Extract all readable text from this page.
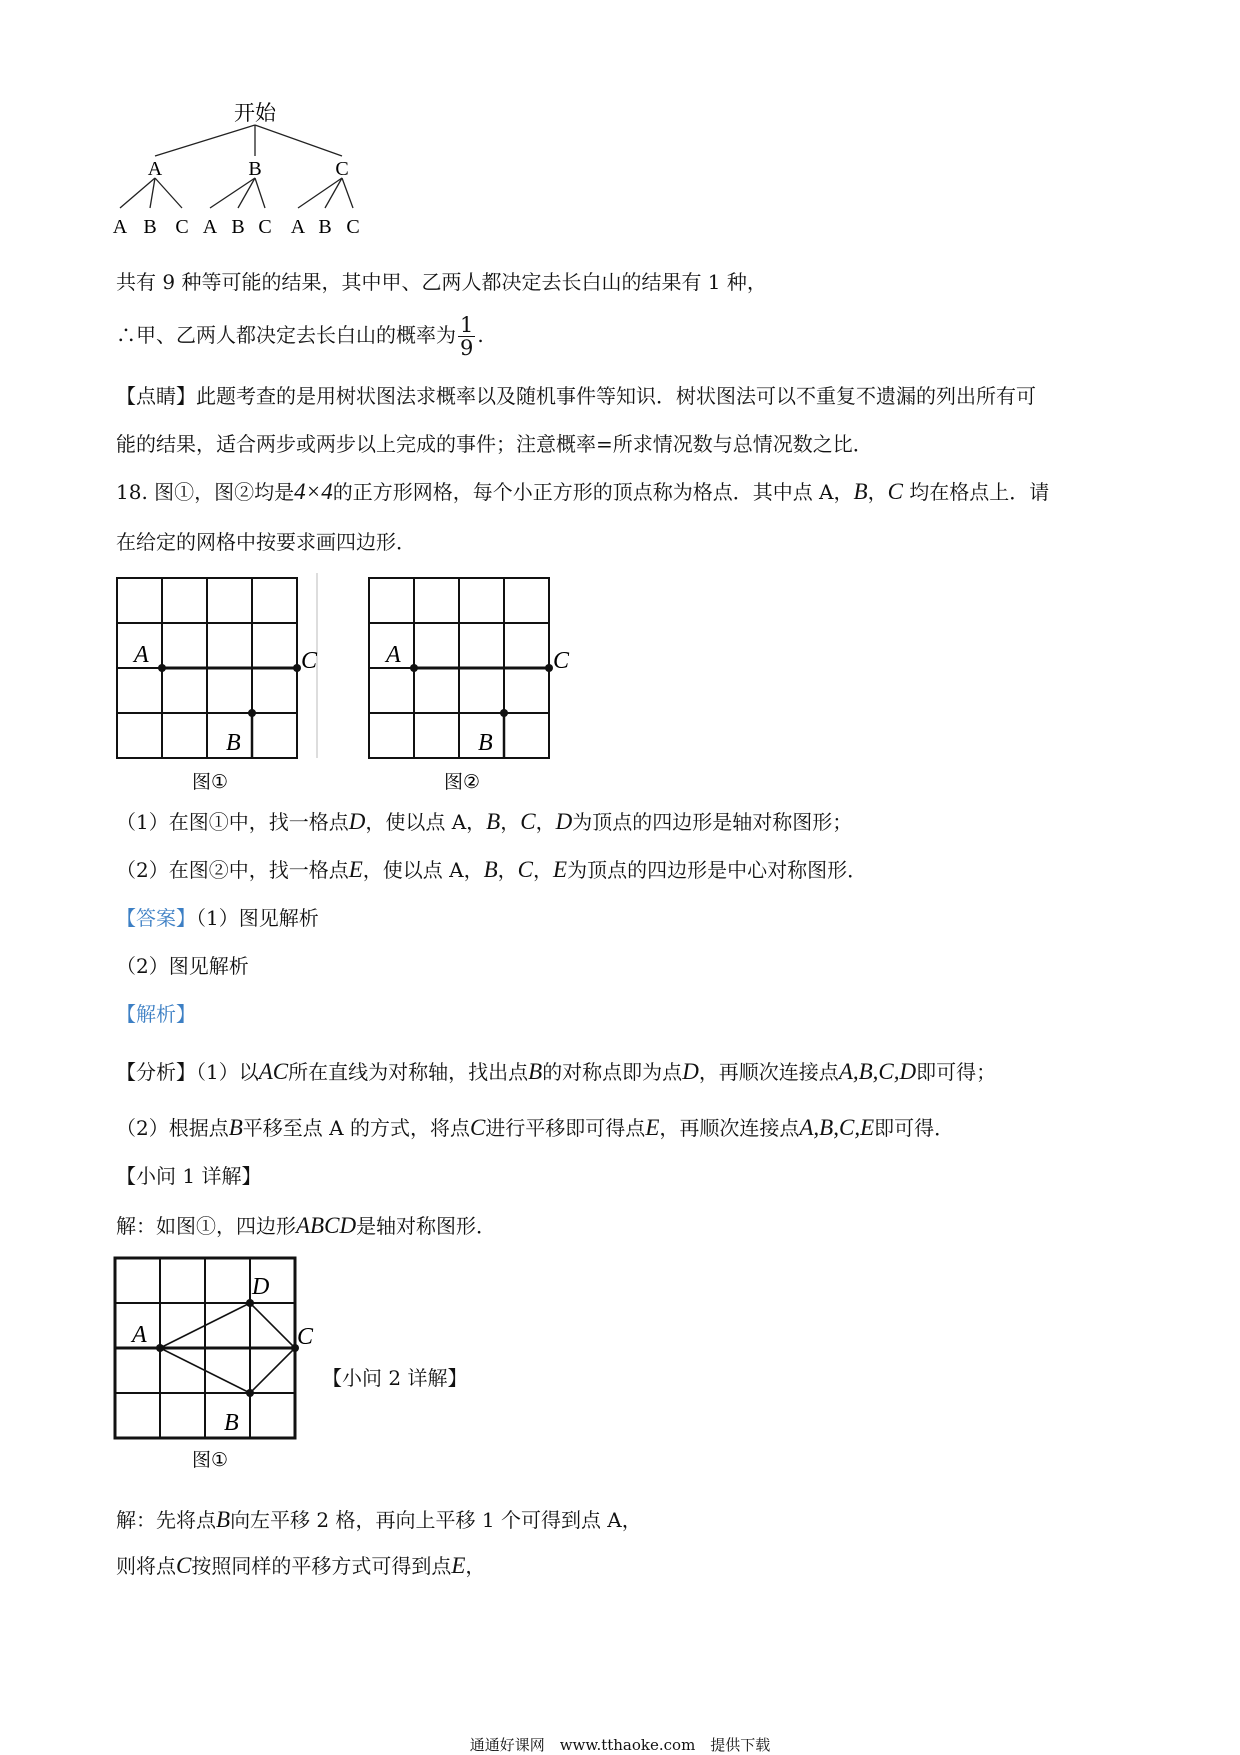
开始
A	B	C
A B C A B C A B C
共有 9 种等可能的结果，其中甲、乙两人都决定去长白山的结果有 1 种，
∴甲、乙两人都决定去长白山的概率为 $\frac{1}{9}$ .
【点睛】此题考查的是用树状图法求概率以及随机事件等知识．树状图法可以不重复不遗漏的列出所有可
能的结果，适合两步或两步以上完成的事件；注意概率=所求情况数与总情况数之比．
18. 图①，图②均是4×4的正方形网格，每个小正方形的顶点称为格点．其中点 A，B，C 均在格点上．请
在给定的网格中按要求画四边形．
A	C
B
图①
A	C
B
图②
（1）在图①中，找一格点D，使以点 A，B，C，D为顶点的四边形是轴对称图形；
（2）在图②中，找一格点E，使以点 A，B，C，E为顶点的四边形是中心对称图形．
【答案】（1）图见解析
（2）图见解析
【解析】
【分析】（1）以AC所在直线为对称轴，找出点B的对称点即为点D，再顺次连接点A,B,C,D即可得；
（2）根据点B平移至点 A 的方式，将点C进行平移即可得点E，再顺次连接点A,B,C,E即可得．
【小问 1 详解】
解：如图①，四边形ABCD是轴对称图形．
A
D
C
B
图①
【小问 2 详解】
解：先将点B向左平移 2 格，再向上平移 1 个可得到点 A，
则将点C按照同样的平移方式可得到点E，
通通好课网　www.tthaoke.com　提供下载
